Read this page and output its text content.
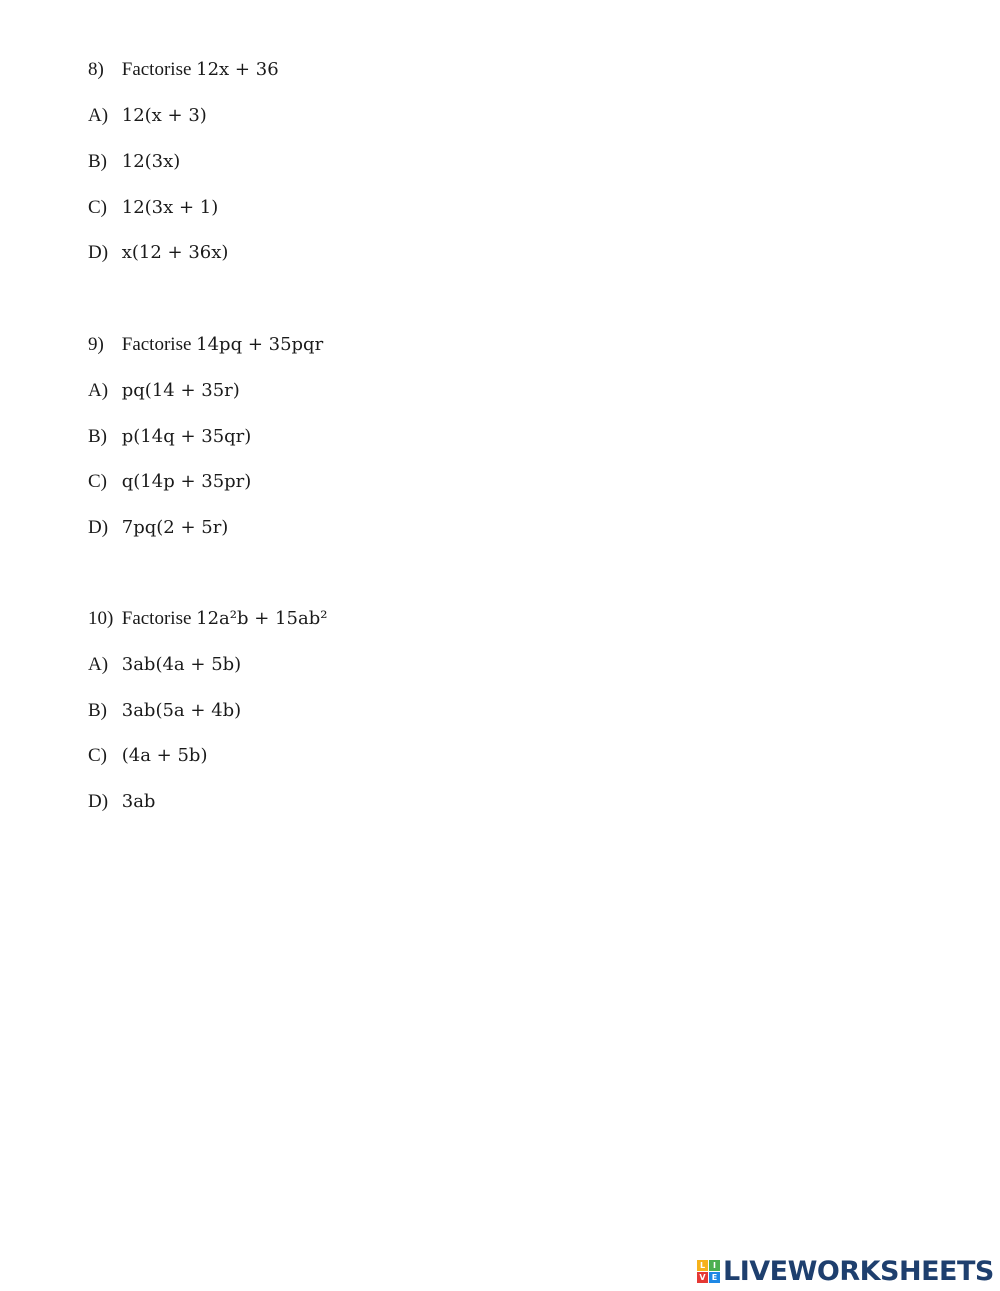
8) Factorise 12x + 36
A) 12(x + 3)
B) 12(3x)
C) 12(3x + 1)
D) x(12 + 36x)
9) Factorise 14pq + 35pqr
A) pq(14 + 35r)
B) p(14q + 35qr)
C) q(14p + 35pr)
D) 7pq(2 + 5r)
10) Factorise 12a²b + 15ab²
A) 3ab(4a + 5b)
B) 3ab(5a + 4b)
C) (4a + 5b)
D) 3ab
L I
V E LIVEWORKSHEETS
